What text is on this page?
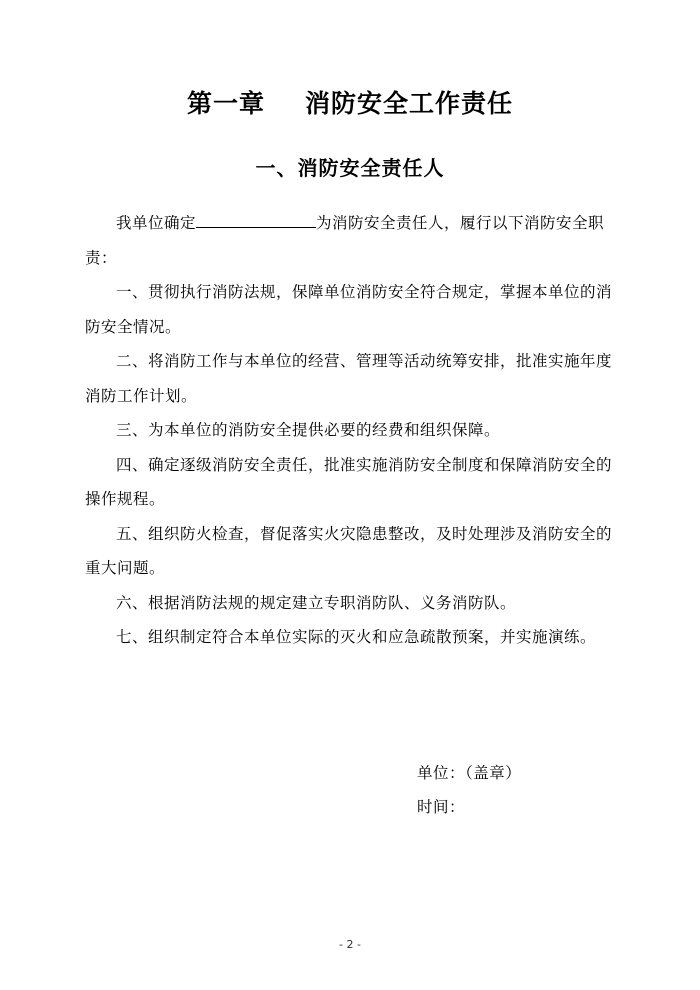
第一章 消防安全工作责任
一、消防安全责任人

我单位确定	为消防安全责任人，履行以下消防安全职责：

一、贯彻执行消防法规，保障单位消防安全符合规定，掌握本单位的消防安全情况。

二、将消防工作与本单位的经营、管理等活动统筹安排，批准实施年度消防工作计划。

三、为本单位的消防安全提供必要的经费和组织保障。

四、确定逐级消防安全责任，批准实施消防安全制度和保障消防安全的操作规程。

五、组织防火检查，督促落实火灾隐患整改，及时处理涉及消防安全的重大问题。

六、根据消防法规的规定建立专职消防队、义务消防队。

七、组织制定符合本单位实际的灭火和应急疏散预案，并实施演练。

单位：（盖章）
时间：
- 2 -
